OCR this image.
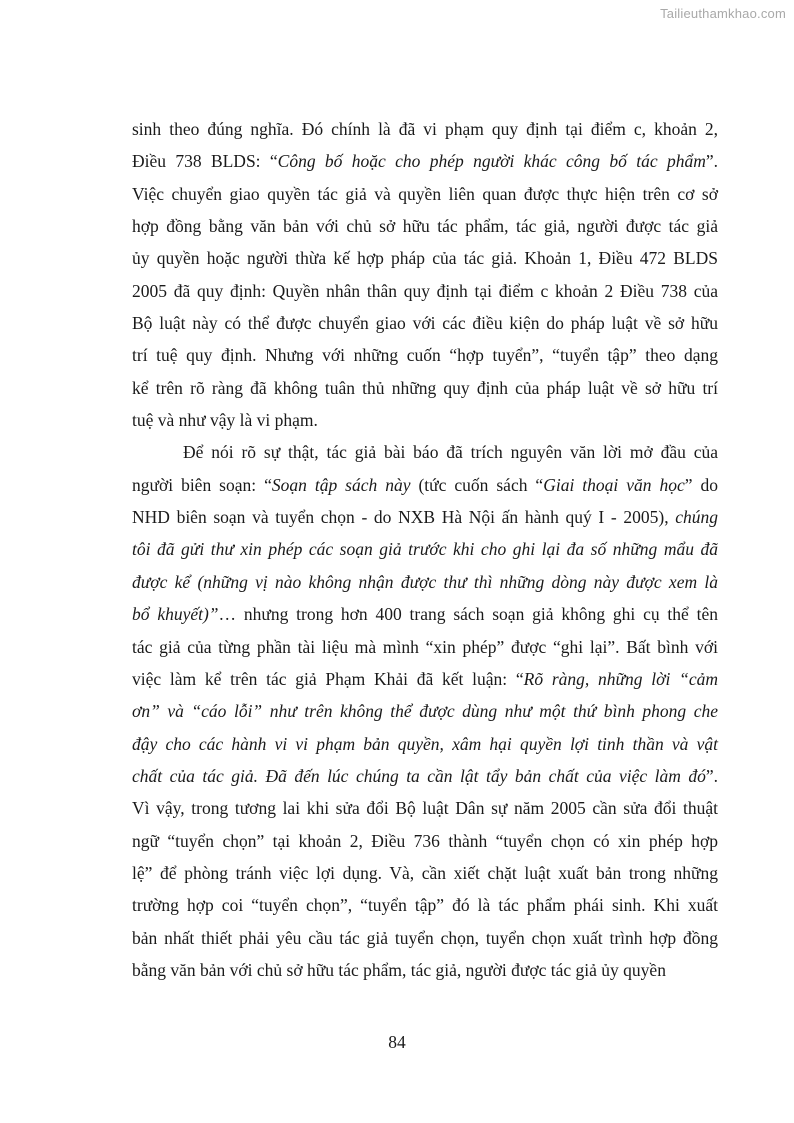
Tailieuthamkhao.com
sinh theo đúng nghĩa. Đó chính là đã vi phạm quy định tại điểm c, khoản 2,
Điều 738 BLDS: “Công bố hoặc cho phép người khác công bố tác phẩm”.
Việc chuyển giao quyền tác giả và quyền liên quan được thực hiện trên cơ sở
hợp đồng bằng văn bản với chủ sở hữu tác phẩm, tác giả, người được tác giả
ủy quyền hoặc người thừa kế hợp pháp của tác giả. Khoản 1, Điều 472 BLDS
2005 đã quy định: Quyền nhân thân quy định tại điểm c khoản 2 Điều 738 của
Bộ luật này có thể được chuyển giao với các điều kiện do pháp luật về sở hữu
trí tuệ quy định. Nhưng với những cuốn “hợp tuyển”, “tuyển tập” theo dạng
kể trên rõ ràng đã không tuân thủ những quy định của pháp luật về sở hữu trí
tuệ và như vậy là vi phạm.
Để nói rõ sự thật, tác giả bài báo đã trích nguyên văn lời mở đầu của
người biên soạn: “Soạn tập sách này (tức cuốn sách “Giai thoại văn học” do
NHD biên soạn và tuyển chọn - do NXB Hà Nội ấn hành quý I - 2005), chúng
tôi đã gửi thư xin phép các soạn giả trước khi cho ghi lại đa số những mẩu đã
được kể (những vị nào không nhận được thư thì những dòng này được xem là
bổ khuyết)”… nhưng trong hơn 400 trang sách soạn giả không ghi cụ thể tên
tác giả của từng phần tài liệu mà mình “xin phép” được “ghi lại”. Bất bình với
việc làm kể trên tác giả Phạm Khải đã kết luận: “Rõ ràng, những lời “cảm
ơn” và “cáo lỗi” như trên không thể được dùng như một thứ bình phong che
đậy cho các hành vi vi phạm bản quyền, xâm hại quyền lợi tinh thần và vật
chất của tác giả. Đã đến lúc chúng ta cần lật tẩy bản chất của việc làm đó”.
Vì vậy, trong tương lai khi sửa đổi Bộ luật Dân sự năm 2005 cần sửa đổi thuật
ngữ “tuyển chọn” tại khoản 2, Điều 736 thành “tuyển chọn có xin phép hợp
lệ” để phòng tránh việc lợi dụng. Và, cần xiết chặt luật xuất bản trong những
trường hợp coi “tuyển chọn”, “tuyển tập” đó là tác phẩm phái sinh. Khi xuất
bản nhất thiết phải yêu cầu tác giả tuyển chọn, tuyển chọn xuất trình hợp đồng
bằng văn bản với chủ sở hữu tác phẩm, tác giả, người được tác giả ủy quyền
84
